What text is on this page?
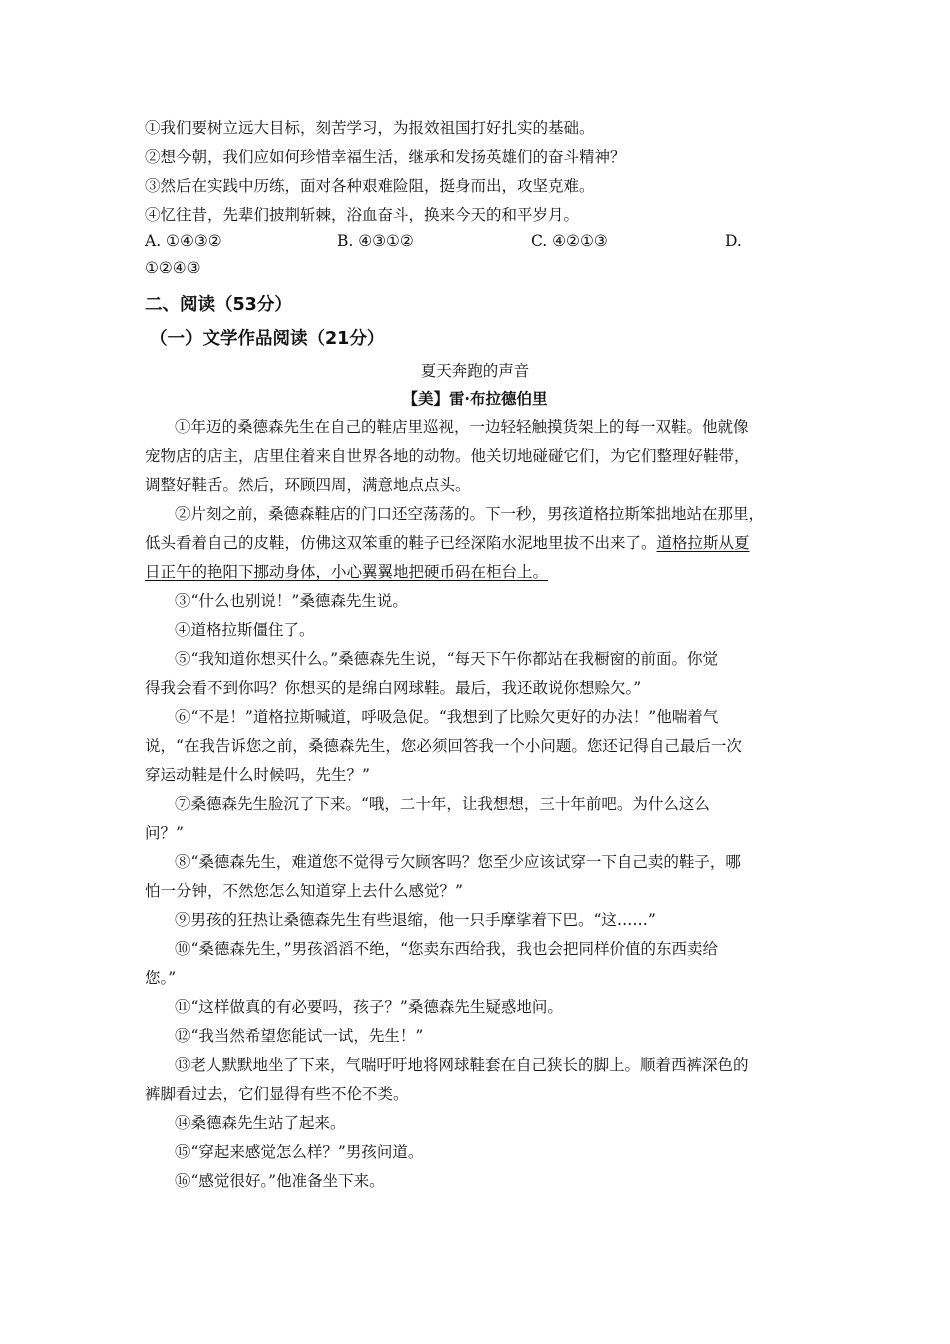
①我们要树立远大目标，刻苦学习，为报效祖国打好扎实的基础。
②想今朝，我们应如何珍惜幸福生活，继承和发扬英雄们的奋斗精神？
③然后在实践中历练，面对各种艰难险阻，挺身而出，攻坚克难。
④忆往昔，先辈们披荆斩棘，浴血奋斗，换来今天的和平岁月。
A. ①④③②	B. ④③①②	C. ④②①③	D.
①②④③
二、阅读（53分）
（一）文学作品阅读（21分）
夏天奔跑的声音
【美】雷·布拉德伯里
①年迈的桑德森先生在自己的鞋店里巡视，一边轻轻触摸货架上的每一双鞋。他就像
宠物店的店主，店里住着来自世界各地的动物。他关切地碰碰它们，为它们整理好鞋带，
调整好鞋舌。然后，环顾四周，满意地点点头。
②片刻之前，桑德森鞋店的门口还空荡荡的。下一秒，男孩道格拉斯笨拙地站在那里，
低头看着自己的皮鞋，仿佛这双笨重的鞋子已经深陷水泥地里拔不出来了。道格拉斯从夏
日正午的艳阳下挪动身体，小心翼翼地把硬币码在柜台上。
③“什么也别说！”桑德森先生说。
④道格拉斯僵住了。
⑤“我知道你想买什么。”桑德森先生说，“每天下午你都站在我橱窗的前面。你觉
得我会看不到你吗？你想买的是绵白网球鞋。最后，我还敢说你想赊欠。”
⑥“不是！”道格拉斯喊道，呼吸急促。“我想到了比赊欠更好的办法！”他喘着气
说，“在我告诉您之前，桑德森先生，您必须回答我一个小问题。您还记得自己最后一次
穿运动鞋是什么时候吗，先生？”
⑦桑德森先生脸沉了下来。“哦，二十年，让我想想，三十年前吧。为什么这么
问？”
⑧“桑德森先生，难道您不觉得亏欠顾客吗？您至少应该试穿一下自己卖的鞋子，哪
怕一分钟，不然您怎么知道穿上去什么感觉？”
⑨男孩的狂热让桑德森先生有些退缩，他一只手摩挲着下巴。“这……”
⑩“桑德森先生，”男孩滔滔不绝，“您卖东西给我，我也会把同样价值的东西卖给
您。”
⑪“这样做真的有必要吗，孩子？”桑德森先生疑惑地问。
⑫“我当然希望您能试一试，先生！”
⑬老人默默地坐了下来，气喘吁吁地将网球鞋套在自己狭长的脚上。顺着西裤深色的
裤脚看过去，它们显得有些不伦不类。
⑭桑德森先生站了起来。
⑮“穿起来感觉怎么样？”男孩问道。
⑯“感觉很好。”他准备坐下来。
